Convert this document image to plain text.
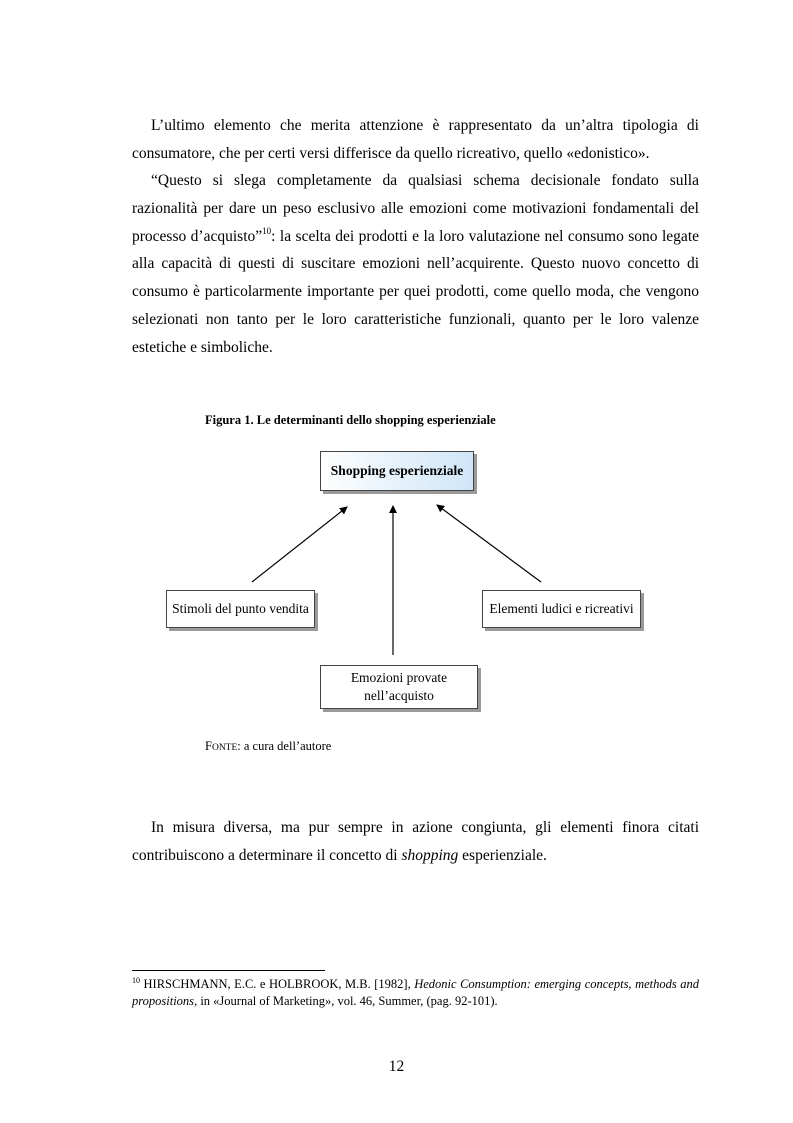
L’ultimo elemento che merita attenzione è rappresentato da un’altra tipologia di consumatore, che per certi versi differisce da quello ricreativo, quello «edonistico».

“Questo si slega completamente da qualsiasi schema decisionale fondato sulla razionalità per dare un peso esclusivo alle emozioni come motivazioni fondamentali del processo d’acquisto”$^{10}$: la scelta dei prodotti e la loro valutazione nel consumo sono legate alla capacità di questi di suscitare emozioni nell’acquirente. Questo nuovo concetto di consumo è particolarmente importante per quei prodotti, come quello moda, che vengono selezionati non tanto per le loro caratteristiche funzionali, quanto per le loro valenze estetiche e simboliche.

Figura 1. Le determinanti dello shopping esperienziale

Shopping esperienziale
Stimoli del punto vendita	Elementi ludici e ricreativi
Emozioni provate
nell’acquisto

FONTE: a cura dell’autore

In misura diversa, ma pur sempre in azione congiunta, gli elementi finora citati contribuiscono a determinare il concetto di shopping esperienziale.

$^{10}$ HIRSCHMANN, E.C. e HOLBROOK, M.B. [1982], Hedonic Consumption: emerging concepts, methods and propositions, in «Journal of Marketing», vol. 46, Summer, (pag. 92-101).

12
